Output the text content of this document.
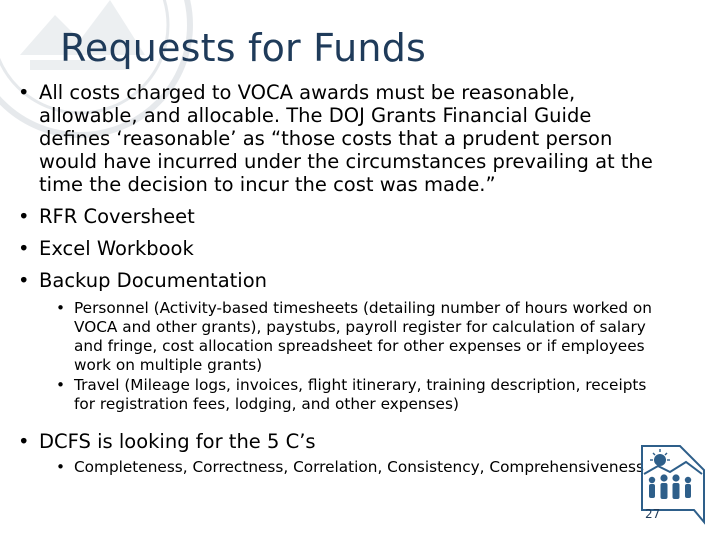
Requests for Funds
• All costs charged to VOCA awards must be reasonable, allowable, and allocable. The DOJ Grants Financial Guide defines ‘reasonable’ as “those costs that a prudent person would have incurred under the circumstances prevailing at the time the decision to incur the cost was made.”
• RFR Coversheet
• Excel Workbook
• Backup Documentation
• Personnel (Activity-based timesheets (detailing number of hours worked on VOCA and other grants), paystubs, payroll register for calculation of salary and fringe, cost allocation spreadsheet for other expenses or if employees work on multiple grants)
• Travel (Mileage logs, invoices, flight itinerary, training description, receipts for registration fees, lodging, and other expenses)
• DCFS is looking for the 5 C’s
• Completeness, Correctness, Correlation, Consistency, Comprehensiveness
27
